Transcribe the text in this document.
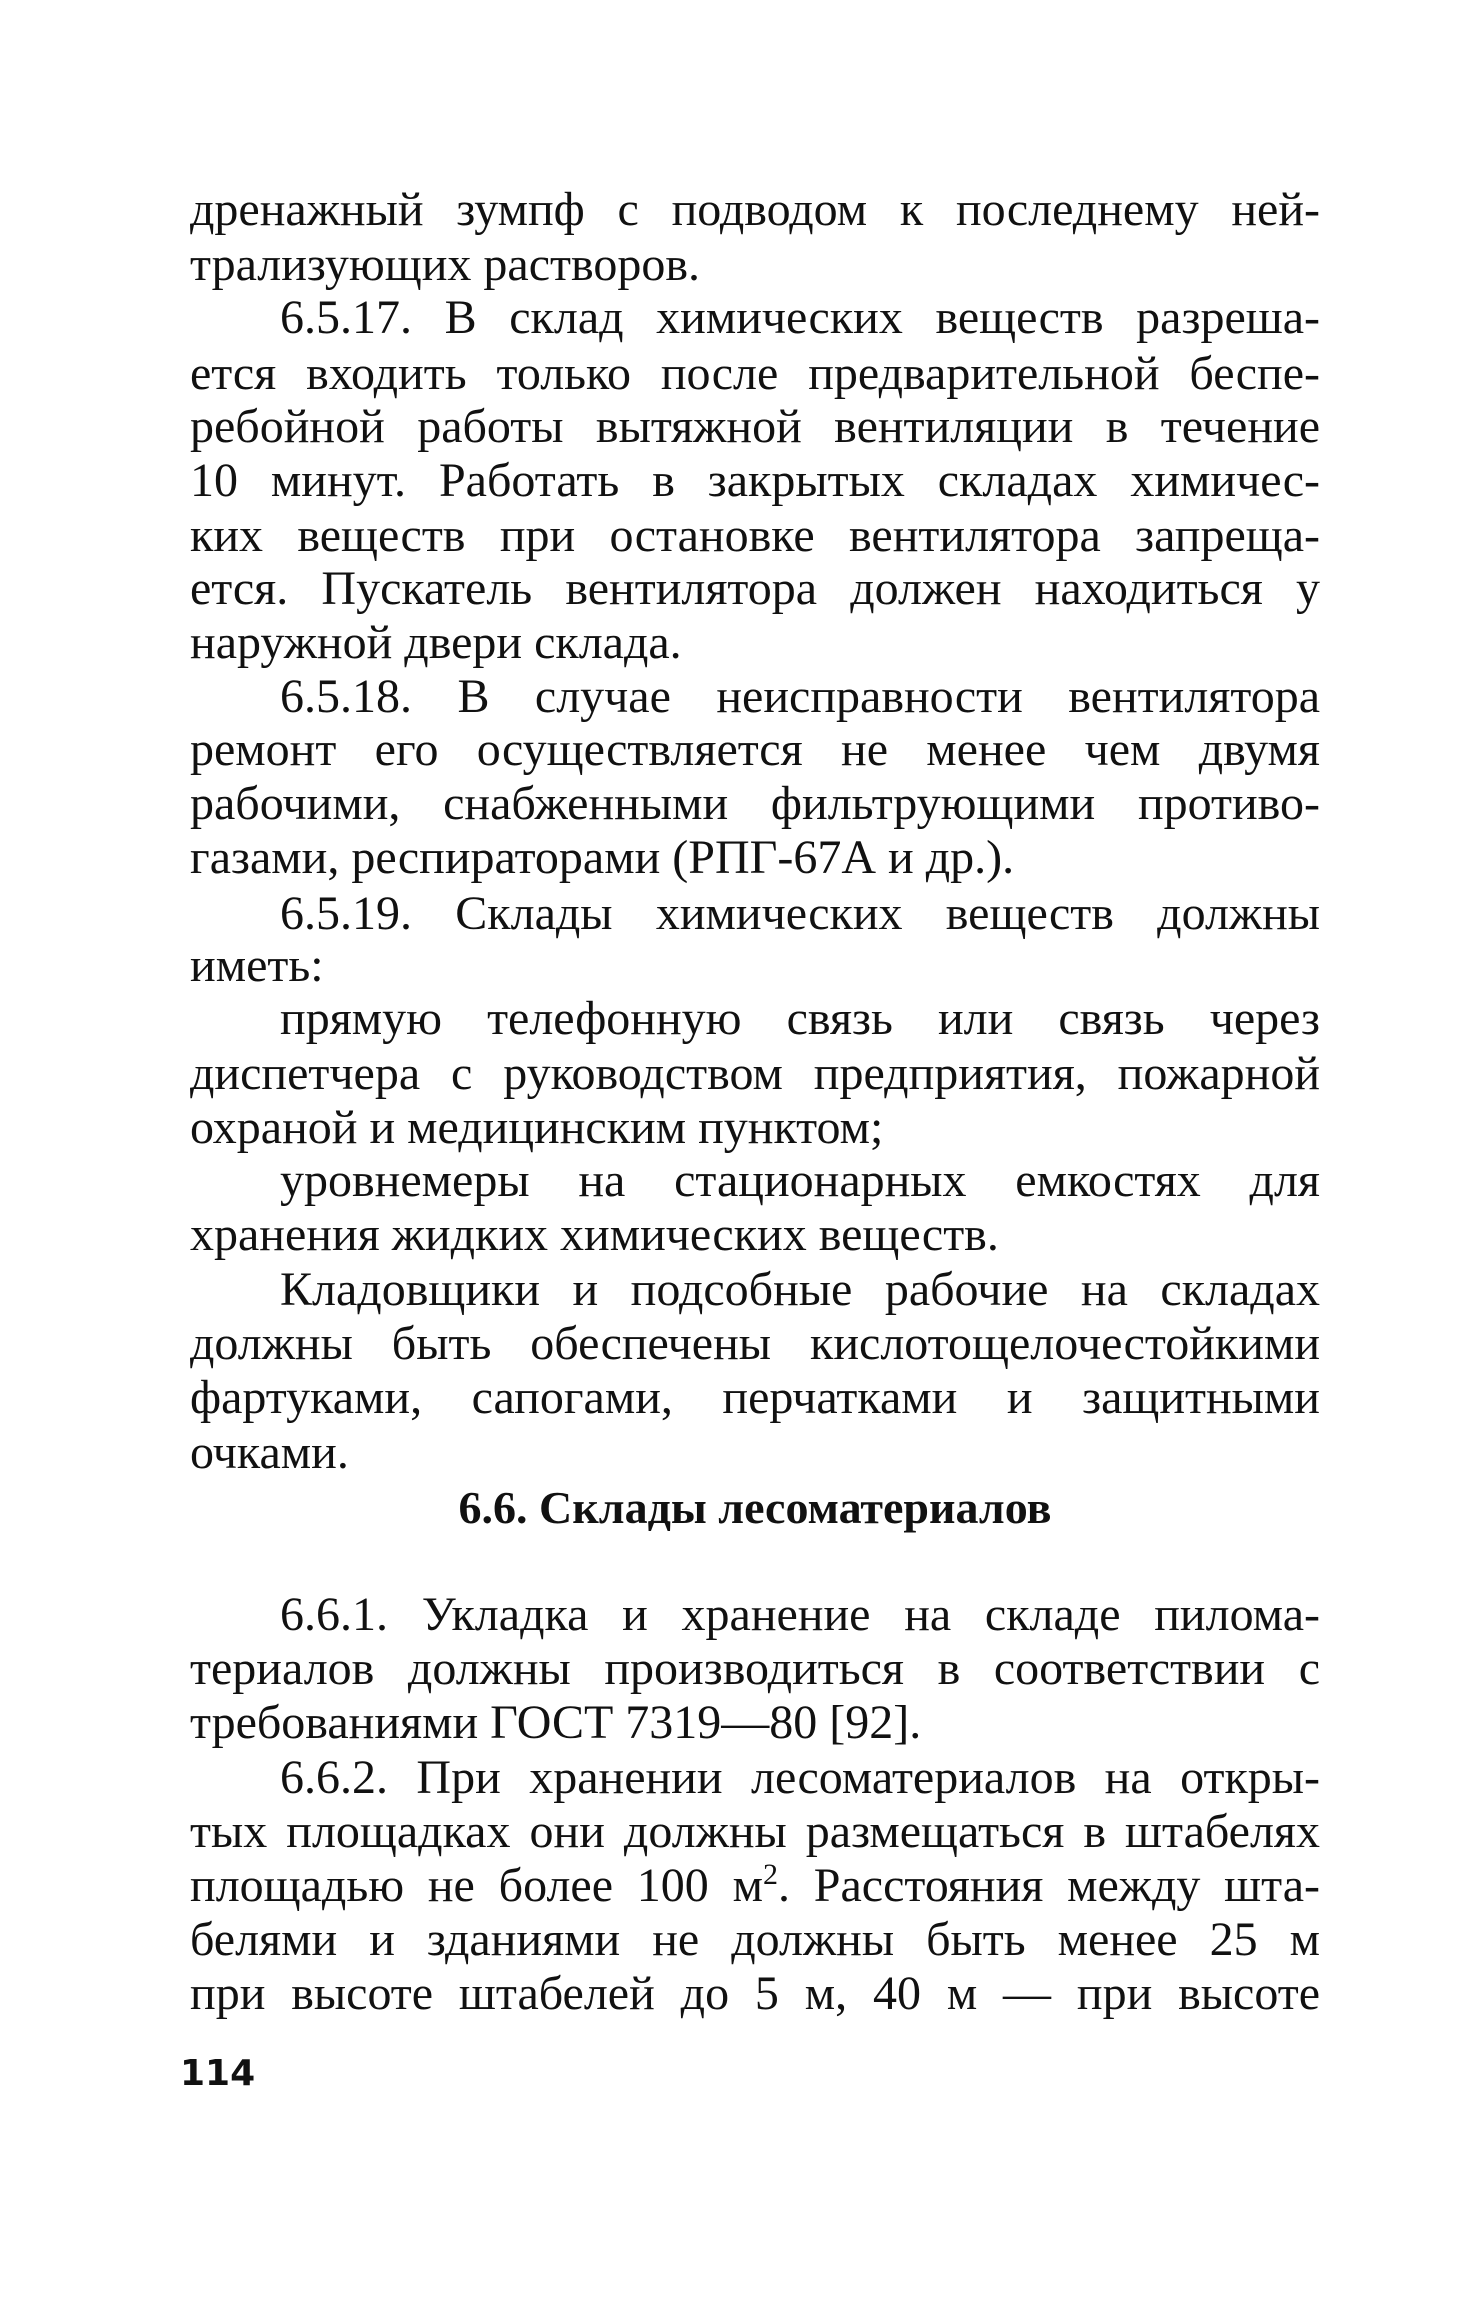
дренажный зумпф с подводом к последнему ней-
трализующих растворов.
6.5.17. В склад химических веществ разреша-
ется входить только после предварительной беспе-
ребойной работы вытяжной вентиляции в течение
10 минут. Работать в закрытых складах химичес-
ких веществ при остановке вентилятора запреща-
ется. Пускатель вентилятора должен находиться у
наружной двери склада.
6.5.18. В случае неисправности вентилятора
ремонт его осуществляется не менее чем двумя
рабочими, снабженными фильтрующими противо-
газами, респираторами (РПГ-67А и др.).
6.5.19. Склады химических веществ должны
иметь:
прямую телефонную связь или связь через
диспетчера с руководством предприятия, пожарной
охраной и медицинским пунктом;
уровнемеры на стационарных емкостях для
хранения жидких химических веществ.
Кладовщики и подсобные рабочие на складах
должны быть обеспечены кислотощелочестойкими
фартуками, сапогами, перчатками и защитными
очками.
6.6. Склады лесоматериалов
6.6.1. Укладка и хранение на складе пилома-
териалов должны производиться в соответствии с
требованиями ГОСТ 7319—80 [92].
6.6.2. При хранении лесоматериалов на откры-
тых площадках они должны размещаться в штабелях
площадью не более 100 $м^2$. Расстояния между шта-
белями и зданиями не должны быть менее 25 м
при высоте штабелей до 5 м, 40 м — при высоте
114
